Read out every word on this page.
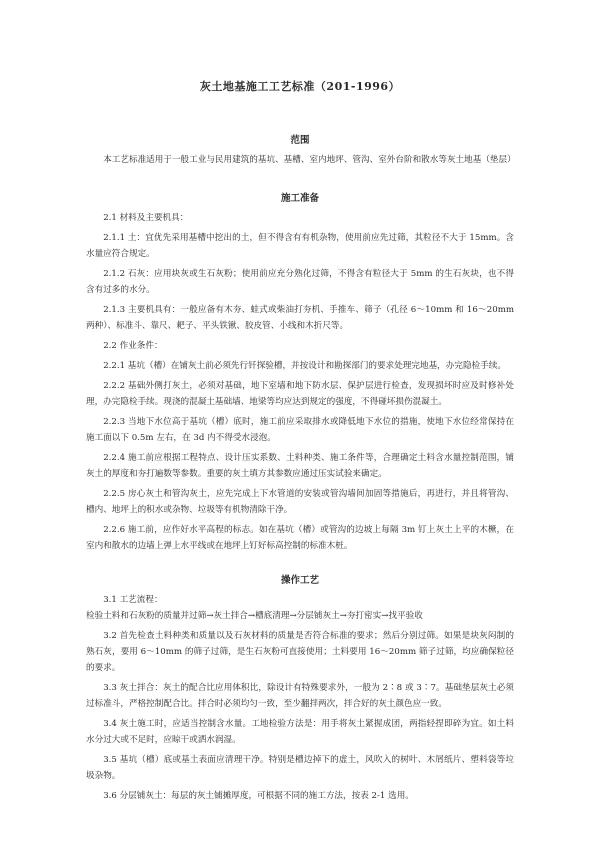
灰土地基施工工艺标准（201-1996）
范围

本工艺标准适用于一般工业与民用建筑的基坑、基槽、室内地坪、管沟、室外台阶和散水等灰土地基（垫层）

施工准备

2.1 材料及主要机具：

2.1.1 土：宜优先采用基槽中挖出的土，但不得含有有机杂物，使用前应先过筛，其粒径不大于 15mm。含水量应符合规定。

2.1.2 石灰：应用块灰或生石灰粉；使用前应充分熟化过筛，不得含有粒径大于 5mm 的生石灰块，也不得含有过多的水分。

2.1.3 主要机具有：一般应备有木夯、蛙式或柴油打夯机、手推车、筛子（孔径 6～10mm 和 16～20mm 两种）、标准斗、靠尺、耙子、平头铁锹、胶皮管、小线和木折尺等。

2.2 作业条件：

2.2.1 基坑（槽）在铺灰土前必须先行钎探验槽，并按设计和勘探部门的要求处理完地基，办完隐检手续。

2.2.2 基础外侧打灰土，必须对基础，地下室墙和地下防水层、保护层进行检查，发现损坏时应及时修补处理，办完隐检手续。现浇的混凝土基础墙、地梁等均应达到规定的强度，不得碰坏损伤混凝土。

2.2.3 当地下水位高于基坑（槽）底时，施工前应采取排水或降低地下水位的措施，使地下水位经常保持在施工面以下 0.5m 左右，在 3d 内不得受水浸泡。

2.2.4 施工前应根据工程特点、设计压实系数、土料种类、施工条件等，合理确定土料含水量控制范围，铺灰土的厚度和夯打遍数等参数。重要的灰土填方其参数应通过压实试验来确定。

2.2.5 房心灰土和管沟灰土，应先完成上下水管道的安装或管沟墙间加固等措施后，再进行，并且将管沟、槽内、地坪上的积水或杂物、垃圾等有机物清除干净。

2.2.6 施工前，应作好水平高程的标志。如在基坑（槽）或管沟的边坡上每隔 3m 钉上灰土上平的木橛，在室内和散水的边墙上弹上水平线或在地坪上钉好标高控制的标准木桩。

操作工艺

3.1 工艺流程：

检验土料和石灰粉的质量并过筛→灰土拌合→槽底清理→分层铺灰土→夯打密实→找平验收

3.2 首先检查土料种类和质量以及石灰材料的质量是否符合标准的要求；然后分别过筛。如果是块灰闷制的熟石灰，要用 6～10mm 的筛子过筛，是生石灰粉可直接使用；土料要用 16～20mm 筛子过筛，均应确保粒径的要求。

3.3 灰土拌合：灰土的配合比应用体积比，除设计有特殊要求外，一般为 2∶8 或 3∶7。基础垫层灰土必须过标准斗，严格控制配合比。拌合时必须均匀一致，至少翻拌两次，拌合好的灰土颜色应一致。

3.4 灰土施工时，应适当控制含水量。工地检验方法是：用手将灰土紧握成团，两指轻捏即碎为宜。如土料水分过大或不足时，应晾干或洒水润湿。

3.5 基坑（槽）底或基土表面应清理干净。特别是槽边掉下的虚土，风吹入的树叶、木屑纸片、塑料袋等垃圾杂物。

3.6 分层铺灰土：每层的灰土铺摊厚度，可根据不同的施工方法，按表 2-1 选用。
